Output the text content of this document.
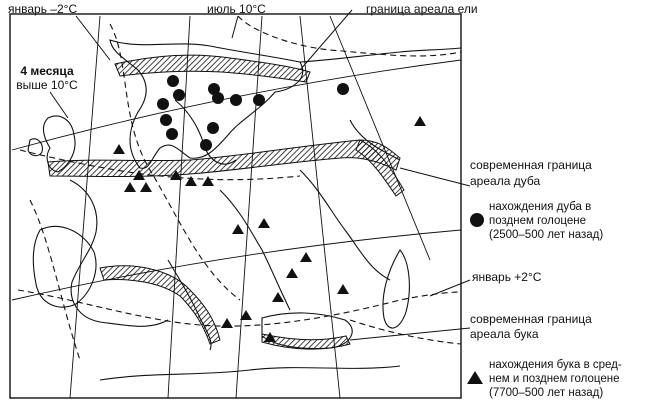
январь –2°С	июль 10°С	граница ареала ели
4 месяца
выше 10°С
современная граница
ареала дуба
январь +2°С
современная граница
ареала бука
нахождения дуба в
позднем голоцене
(2500–500 лет назад)
нахождения бука в сред-
нем и позднем голоцене
(7700–500 лет назад)
